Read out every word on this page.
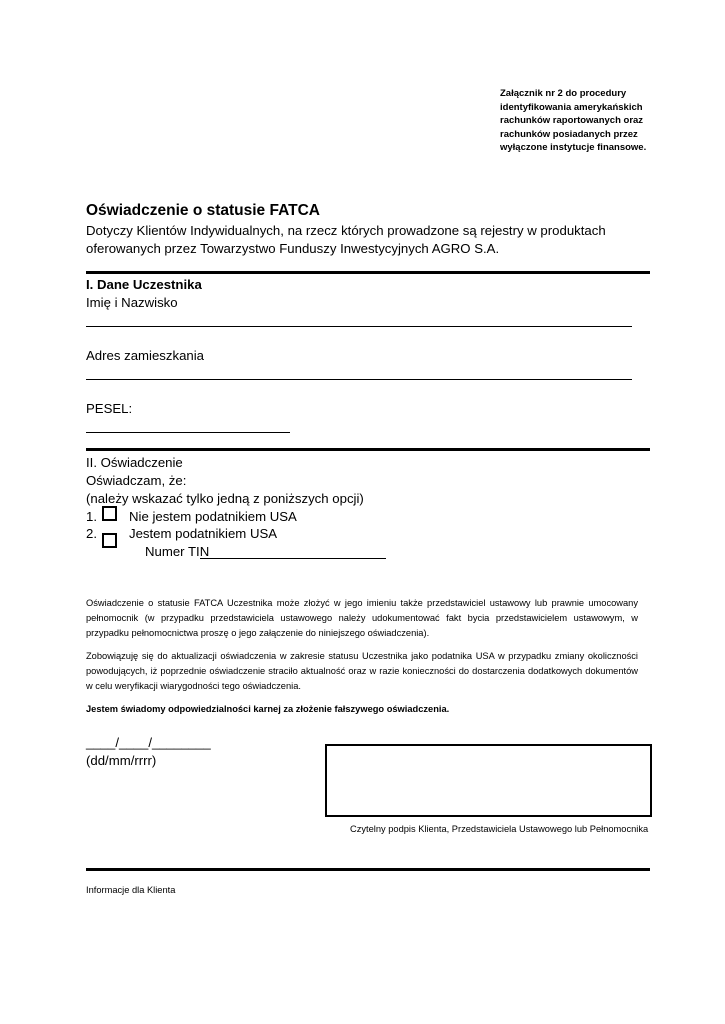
Załącznik nr 2 do procedury identyfikowania amerykańskich rachunków raportowanych oraz rachunków posiadanych przez wyłączone instytucje finansowe.
Oświadczenie o statusie FATCA
Dotyczy Klientów Indywidualnych, na rzecz których prowadzone są rejestry w produktach oferowanych przez Towarzystwo Funduszy Inwestycyjnych AGRO S.A.
I. Dane Uczestnika
Imię i Nazwisko
Adres zamieszkania
PESEL:
II. Oświadczenie
Oświadczam, że:
(należy wskazać tylko jedną z poniższych opcji)
1. Nie jestem podatnikiem USA
2. Jestem podatnikiem USA
Numer TIN
Oświadczenie o statusie FATCA Uczestnika może złożyć w jego imieniu także przedstawiciel ustawowy lub prawnie umocowany pełnomocnik (w przypadku przedstawiciela ustawowego należy udokumentować fakt bycia przedstawicielem ustawowym, w przypadku pełnomocnictwa proszę o jego załączenie do niniejszego oświadczenia).
Zobowiązuję się do aktualizacji oświadczenia w zakresie statusu Uczestnika jako podatnika USA w przypadku zmiany okoliczności powodujących, iż poprzednie oświadczenie straciło aktualność oraz w razie konieczności do dostarczenia dodatkowych dokumentów w celu weryfikacji wiarygodności tego oświadczenia.
Jestem świadomy odpowiedzialności karnej za złożenie fałszywego oświadczenia.
____/____/________
(dd/mm/rrrr)
Czytelny podpis Klienta, Przedstawiciela Ustawowego lub Pełnomocnika
Informacje dla Klienta
